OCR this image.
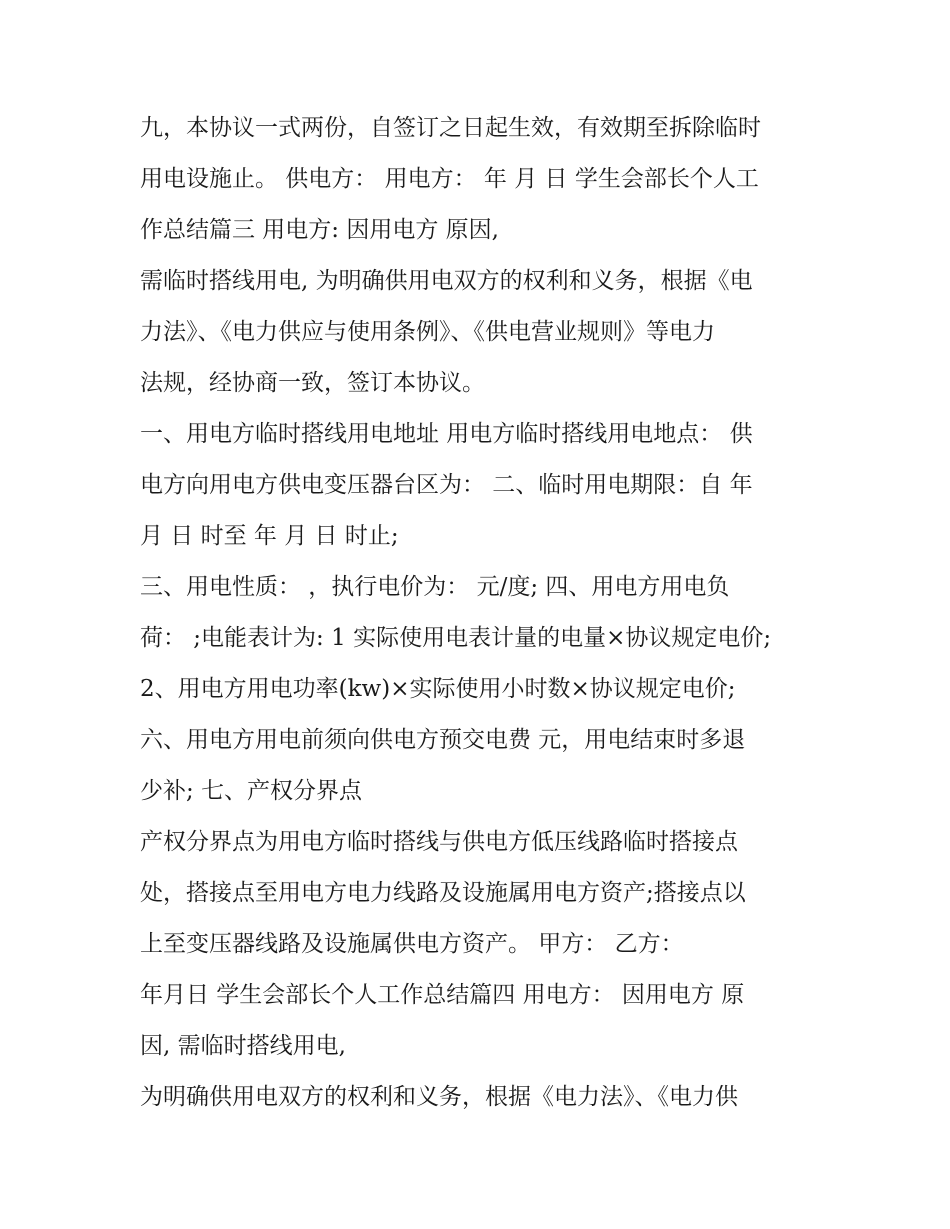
九，本协议一式两份，自签订之日起生效，有效期至拆除临时
用电设施止。 供电方： 用电方： 年 月 日 学生会部长个人工
作总结篇三 用电方: 因用电方 原因,
需临时搭线用电, 为明确供用电双方的权利和义务，根据《电
力法》、《电力供应与使用条例》、《供电营业规则》等电力
法规，经协商一致，签订本协议。
一、用电方临时搭线用电地址 用电方临时搭线用电地点： 供
电方向用电方供电变压器台区为： 二、临时用电期限：自 年
月 日 时至 年 月 日 时止;
三、用电性质： ，执行电价为： 元/度; 四、用电方用电负
荷： ;电能表计为: 1 实际使用电表计量的电量×协议规定电价;
2、用电方用电功率(kw)×实际使用小时数×协议规定电价;
六、用电方用电前须向供电方预交电费 元，用电结束时多退
少补; 七、产权分界点
产权分界点为用电方临时搭线与供电方低压线路临时搭接点
处，搭接点至用电方电力线路及设施属用电方资产;搭接点以
上至变压器线路及设施属供电方资产。 甲方： 乙方：
年月日 学生会部长个人工作总结篇四 用电方： 因用电方 原
因, 需临时搭线用电,
为明确供用电双方的权利和义务，根据《电力法》、《电力供
